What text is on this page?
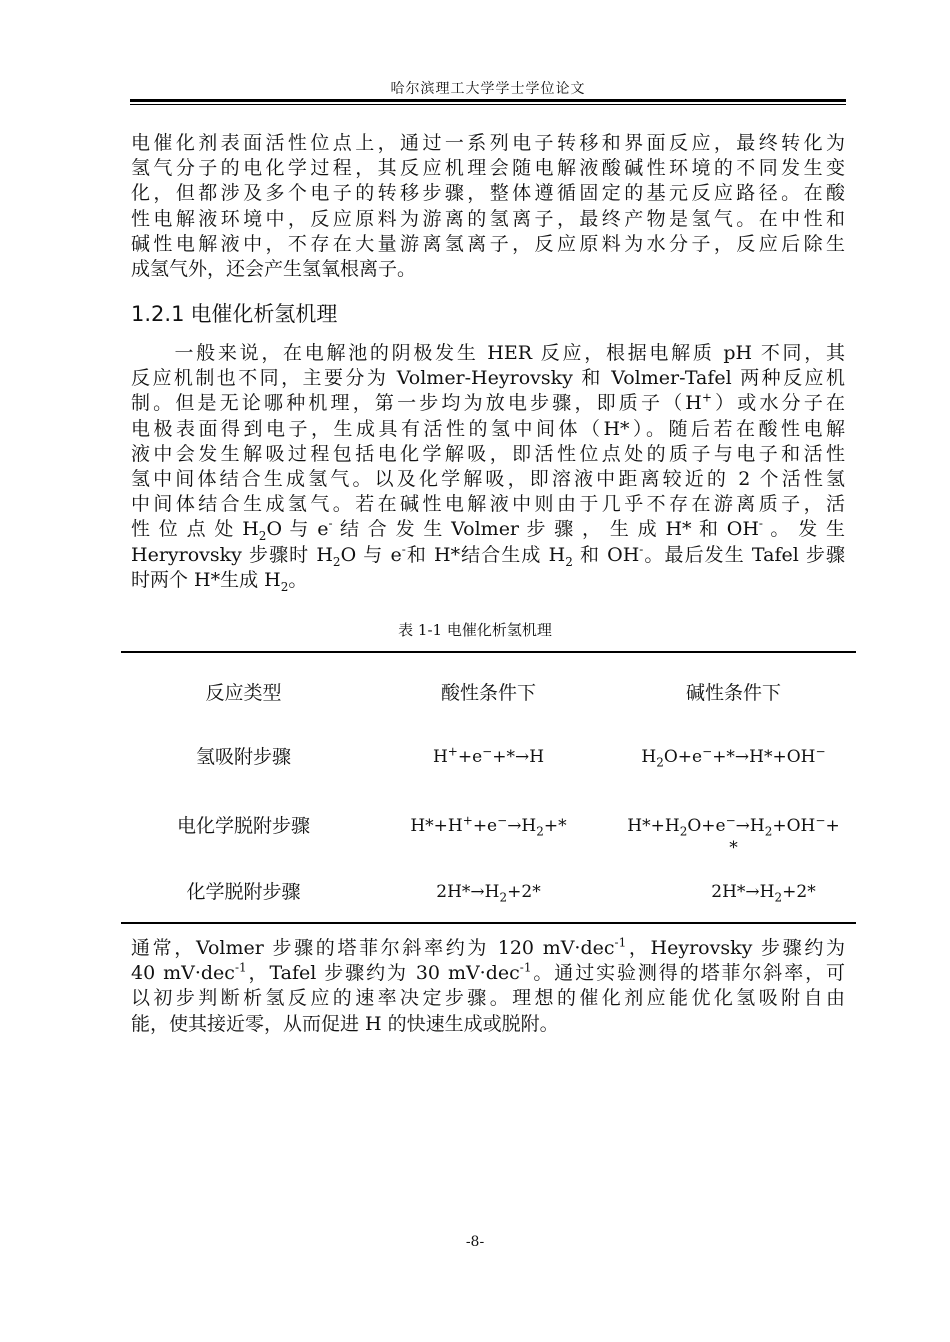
哈尔滨理工大学学士学位论文
电催化剂表面活性位点上，通过一系列电子转移和界面反应，最终转化为
氢气分子的电化学过程，其反应机理会随电解液酸碱性环境的不同发生变
化，但都涉及多个电子的转移步骤，整体遵循固定的基元反应路径。在酸
性电解液环境中，反应原料为游离的氢离子，最终产物是氢气。在中性和
碱性电解液中，不存在大量游离氢离子，反应原料为水分子，反应后除生
成氢气外，还会产生氢氧根离子。
1.2.1 电催化析氢机理
　　一般来说，在电解池的阴极发生 HER 反应，根据电解质 pH 不同，其
反应机制也不同，主要分为 Volmer-Heyrovsky 和 Volmer-Tafel 两种反应机
制。但是无论哪种机理，第一步均为放电步骤，即质子（H+）或水分子在
电极表面得到电子，生成具有活性的氢中间体（H*）。随后若在酸性电解
液中会发生解吸过程包括电化学解吸，即活性位点处的质子与电子和活性
氢中间体结合生成氢气。以及化学解吸，即溶液中距离较近的 2 个活性氢
中间体结合生成氢气。若在碱性电解液中则由于几乎不存在游离质子，活
性 位 点 处 $H_2O$ 与 e- 结 合 发 生 Volmer 步 骤 ， 生 成 H* 和 OH- 。 发 生
Heryrovsky 步骤时 $H_2O$ 与 e-和 H*结合生成 $H_2$ 和 OH-。最后发生 Tafel 步骤
时两个 H*生成 $H_2$。
表 1-1 电催化析氢机理
反应类型	酸性条件下	碱性条件下
氢吸附步骤	H++e−+*→H	$H_2O+e^-+*\to H*+OH^-$
电化学脱附步骤	$H*+H^++e^-\to H_2+*$	$H*+H_2O+e^-\to H_2+OH^-+$
*
化学脱附步骤	$2H*\to H_2+2*$	$2H*\to H_2+2*$
通常，Volmer 步骤的塔菲尔斜率约为 120 mV·dec$^{-1}$，Heyrovsky 步骤约为
40 mV·dec$^{-1}$，Tafel 步骤约为 30 mV·dec$^{-1}$。通过实验测得的塔菲尔斜率，可
以初步判断析氢反应的速率决定步骤。理想的催化剂应能优化氢吸附自由
能，使其接近零，从而促进 H 的快速生成或脱附。
-8-
